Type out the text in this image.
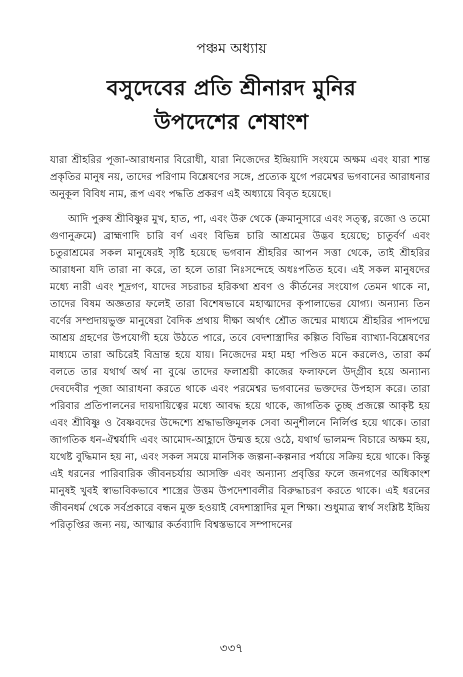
পঞ্চম অধ্যায়
বসুদেবের প্রতি শ্রীনারদ মুনির
উপদেশের শেষাংশ

যারা শ্রীহরির পূজা-আরাধনার বিরোধী, যারা নিজেদের ইন্দ্রিয়াদি সংযমে অক্ষম এবং যারা শান্ত প্রকৃতির মানুষ নয়, তাদের পরিণাম বিশ্লেষণের সঙ্গে, প্রত্যেক যুগে পরমেশ্বর ভগবানের আরাধনার অনুকূল বিবিধ নাম, রূপ এবং পদ্ধতি প্রকরণ এই অধ্যায়ে বিবৃত হয়েছে।

আদি পুরুষ শ্রীবিষ্ণুর মুখ, হাত, পা, এবং উরু থেকে (ক্রমানুসারে এবং সত্ত্ব, রজো ও তমো গুণানুক্রমে) ব্রাহ্মণাদি চারি বর্ণ এবং বিভিন্ন চারি আশ্রমের উদ্ভব হয়েছে; চাতুর্বর্ণ এবং চতুরাশ্রমের সকল মানুষেরই সৃষ্টি হয়েছে ভগবান শ্রীহরির আপন সত্তা থেকে, তাই শ্রীহরির আরাধনা যদি তারা না করে, তা হলে তারা নিঃসন্দেহে অধঃপতিত হবে। এই সকল মানুষদের মধ্যে নারী এবং শূদ্রগণ, যাদের সচরাচর হরিকথা শ্রবণ ও কীর্তনের সংযোগ তেমন থাকে না, তাদের বিষম অজ্ঞতার ফলেই তারা বিশেষভাবে মহাত্মাদের কৃপালাভের যোগ্য। অন্যান্য তিন বর্ণের সম্প্রদায়ভুক্ত মানুষেরা বৈদিক প্রথায় দীক্ষা অর্থাৎ শ্রৌত জন্মের মাধ্যমে শ্রীহরির পাদপদ্মে আশ্রয় গ্রহণের উপযোগী হয়ে উঠতে পারে, তবে বেদশাস্ত্রাদির কল্পিত বিভিন্ন ব্যাখ্যা-বিশ্লেষণের মাধ্যমে তারা অচিরেই বিভ্রান্ত হয়ে যায়। নিজেদের মহা মহা পণ্ডিত মনে করলেও, তারা কর্ম বলতে তার যথার্থ অর্থ না বুঝে তাদের ফলাশ্রয়ী কাজের ফলাফলে উদ্‌গ্রীব হয়ে অন্যান্য দেবদেবীর পূজা আরাধনা করতে থাকে এবং পরমেশ্বর ভগবানের ভক্তদের উপহাস করে। তারা পরিবার প্রতিপালনের দায়দায়িত্বের মধ্যে আবদ্ধ হয়ে থাকে, জাগতিক তুচ্ছ প্রজল্পে আকৃষ্ট হয় এবং শ্রীবিষ্ণু ও বৈষ্ণবদের উদ্দেশ্যে শ্রদ্ধাভক্তিমূলক সেবা অনুশীলনে নির্লিপ্ত হয়ে থাকে। তারা জাগতিক ধন-ঐশ্বর্যাদি এবং আমোদ-আহ্লাদে উন্মত্ত হয়ে ওঠে, যথার্থ ভালমন্দ বিচারে অক্ষম হয়, যথেষ্ট বুদ্ধিমান হয় না, এবং সকল সময়ে মানসিক জল্পনা-কল্পনার পর্যায়ে সক্রিয় হয়ে থাকে। কিন্তু এই ধরনের পারিবারিক জীবনচর্যায় আসক্তি এবং অন্যান্য প্রবৃত্তির ফলে জনগণের অধিকাংশ মানুষই খুবই স্বাভাবিকভাবে শাস্ত্রের উত্তম উপদেশাবলীর বিরুদ্ধাচরণ করতে থাকে। এই ধরনের জীবনধর্ম থেকে সর্বপ্রকারে বন্ধন মুক্ত হওয়াই বেদশাস্ত্রাদির মূল শিক্ষা। শুধুমাত্র স্বার্থ সংশ্লিষ্ট ইন্দ্রিয় পরিতৃপ্তির জন্য নয়, আত্মার কর্তব্যাদি বিশ্বস্তভাবে সম্পাদনের

৩৩৭
